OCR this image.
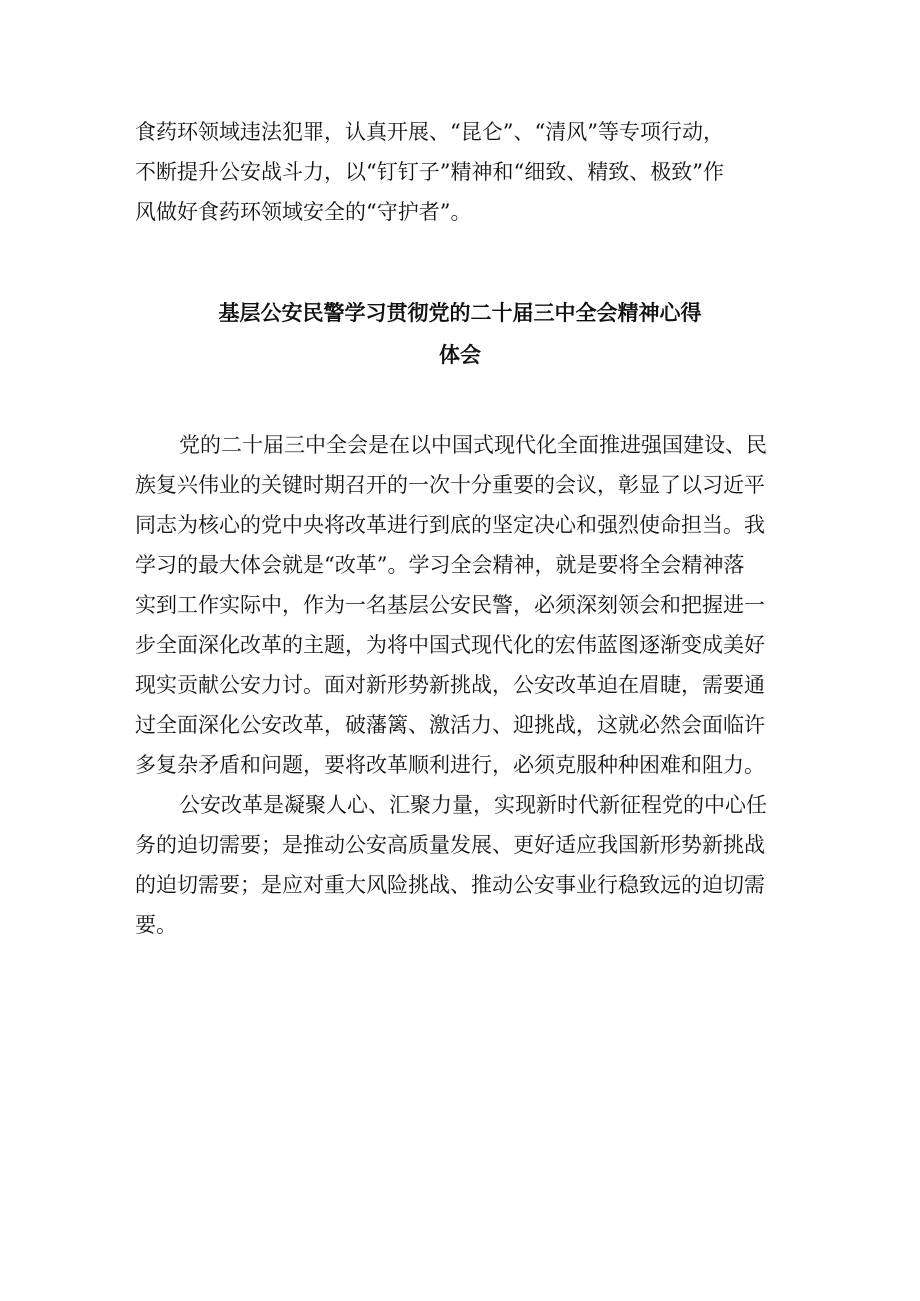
食药环领域违法犯罪，认真开展、“昆仑”、“清风”等专项行动，
不断提升公安战斗力，以“钉钉子”精神和“细致、精致、极致”作
风做好食药环领域安全的“守护者”。
基层公安民警学习贯彻党的二十届三中全会精神心得
体会
党的二十届三中全会是在以中国式现代化全面推进强国建设、民
族复兴伟业的关键时期召开的一次十分重要的会议，彰显了以习近平
同志为核心的党中央将改革进行到底的坚定决心和强烈使命担当。我
学习的最大体会就是“改革”。学习全会精神，就是要将全会精神落
实到工作实际中，作为一名基层公安民警，必须深刻领会和把握进一
步全面深化改革的主题，为将中国式现代化的宏伟蓝图逐渐变成美好
现实贡献公安力讨。面对新形势新挑战，公安改革迫在眉睫，需要通
过全面深化公安改革，破藩篱、激活力、迎挑战，这就必然会面临许
多复杂矛盾和问题，要将改革顺利进行，必须克服种种困难和阻力。
公安改革是凝聚人心、汇聚力量，实现新时代新征程党的中心任
务的迫切需要；是推动公安高质量发展、更好适应我国新形势新挑战
的迫切需要；是应对重大风险挑战、推动公安事业行稳致远的迫切需
要。
